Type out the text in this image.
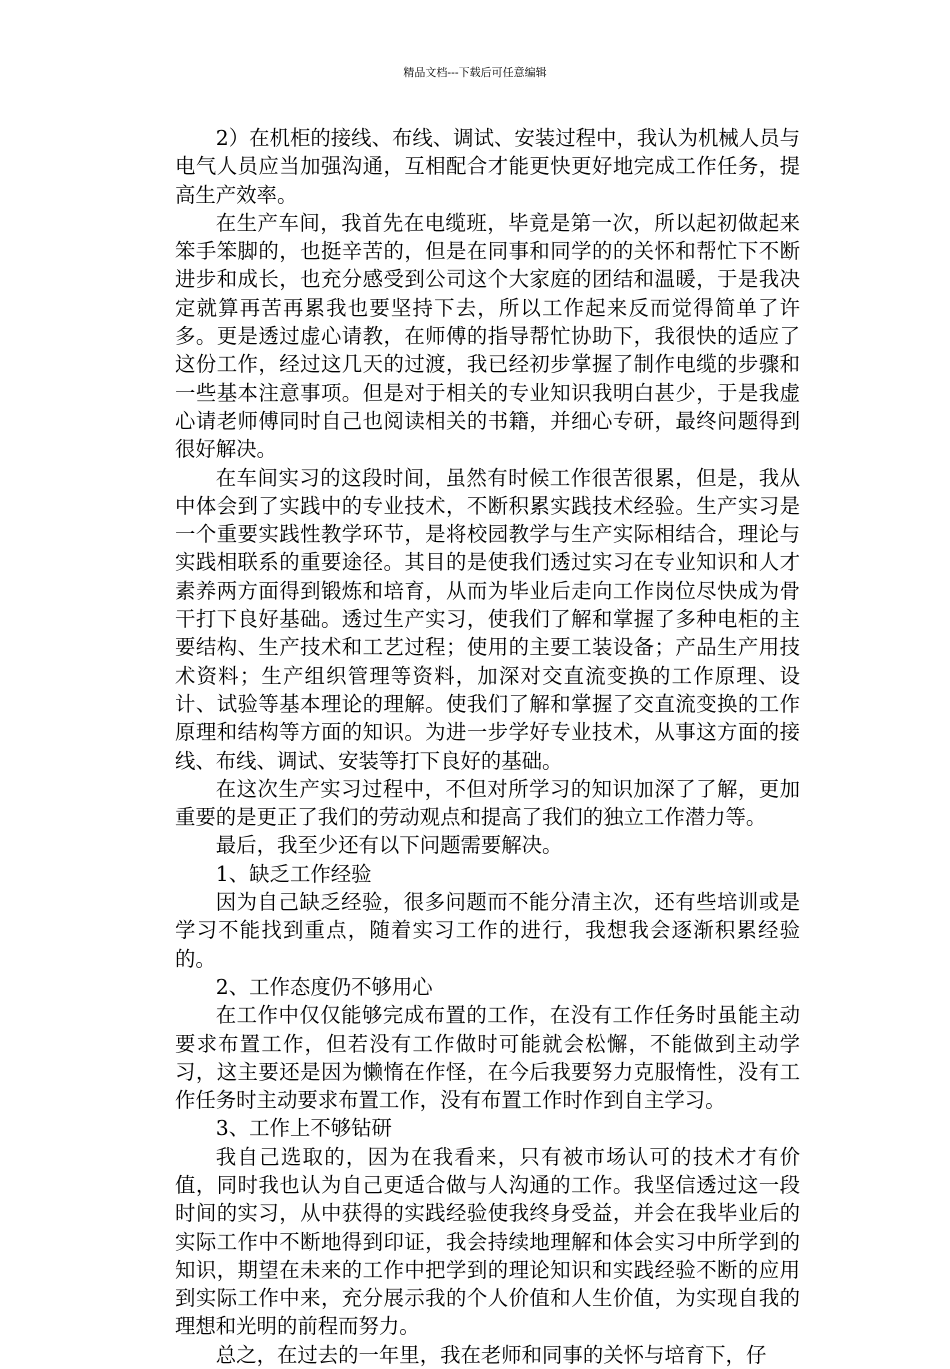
精品文档---下载后可任意编辑

2）在机柜的接线、布线、调试、安装过程中，我认为机械人员与电气人员应当加强沟通，互相配合才能更快更好地完成工作任务，提高生产效率。

在生产车间，我首先在电缆班，毕竟是第一次，所以起初做起来笨手笨脚的，也挺辛苦的，但是在同事和同学的的关怀和帮忙下不断进步和成长，也充分感受到公司这个大家庭的团结和温暖，于是我决定就算再苦再累我也要坚持下去，所以工作起来反而觉得简单了许多。更是透过虚心请教，在师傅的指导帮忙协助下，我很快的适应了这份工作，经过这几天的过渡，我已经初步掌握了制作电缆的步骤和一些基本注意事项。但是对于相关的专业知识我明白甚少，于是我虚心请老师傅同时自己也阅读相关的书籍，并细心专研，最终问题得到很好解决。

在车间实习的这段时间，虽然有时候工作很苦很累，但是，我从中体会到了实践中的专业技术，不断积累实践技术经验。生产实习是一个重要实践性教学环节，是将校园教学与生产实际相结合，理论与实践相联系的重要途径。其目的是使我们透过实习在专业知识和人才素养两方面得到锻炼和培育，从而为毕业后走向工作岗位尽快成为骨干打下良好基础。透过生产实习，使我们了解和掌握了多种电柜的主要结构、生产技术和工艺过程；使用的主要工装设备；产品生产用技术资料；生产组织管理等资料，加深对交直流变换的工作原理、设计、试验等基本理论的理解。使我们了解和掌握了交直流变换的工作原理和结构等方面的知识。为进一步学好专业技术，从事这方面的接线、布线、调试、安装等打下良好的基础。

在这次生产实习过程中，不但对所学习的知识加深了了解，更加重要的是更正了我们的劳动观点和提高了我们的独立工作潜力等。

最后，我至少还有以下问题需要解决。

1、缺乏工作经验

因为自己缺乏经验，很多问题而不能分清主次，还有些培训或是学习不能找到重点，随着实习工作的进行，我想我会逐渐积累经验的。

2、工作态度仍不够用心

在工作中仅仅能够完成布置的工作，在没有工作任务时虽能主动要求布置工作，但若没有工作做时可能就会松懈，不能做到主动学习，这主要还是因为懒惰在作怪，在今后我要努力克服惰性，没有工作任务时主动要求布置工作，没有布置工作时作到自主学习。

3、工作上不够钻研

我自己选取的，因为在我看来，只有被市场认可的技术才有价值，同时我也认为自己更适合做与人沟通的工作。我坚信透过这一段时间的实习，从中获得的实践经验使我终身受益，并会在我毕业后的实际工作中不断地得到印证，我会持续地理解和体会实习中所学到的知识，期望在未来的工作中把学到的理论知识和实践经验不断的应用到实际工作中来，充分展示我的个人价值和人生价值，为实现自我的理想和光明的前程而努力。

总之，在过去的一年里，我在老师和同事的关怀与培育下，仔
